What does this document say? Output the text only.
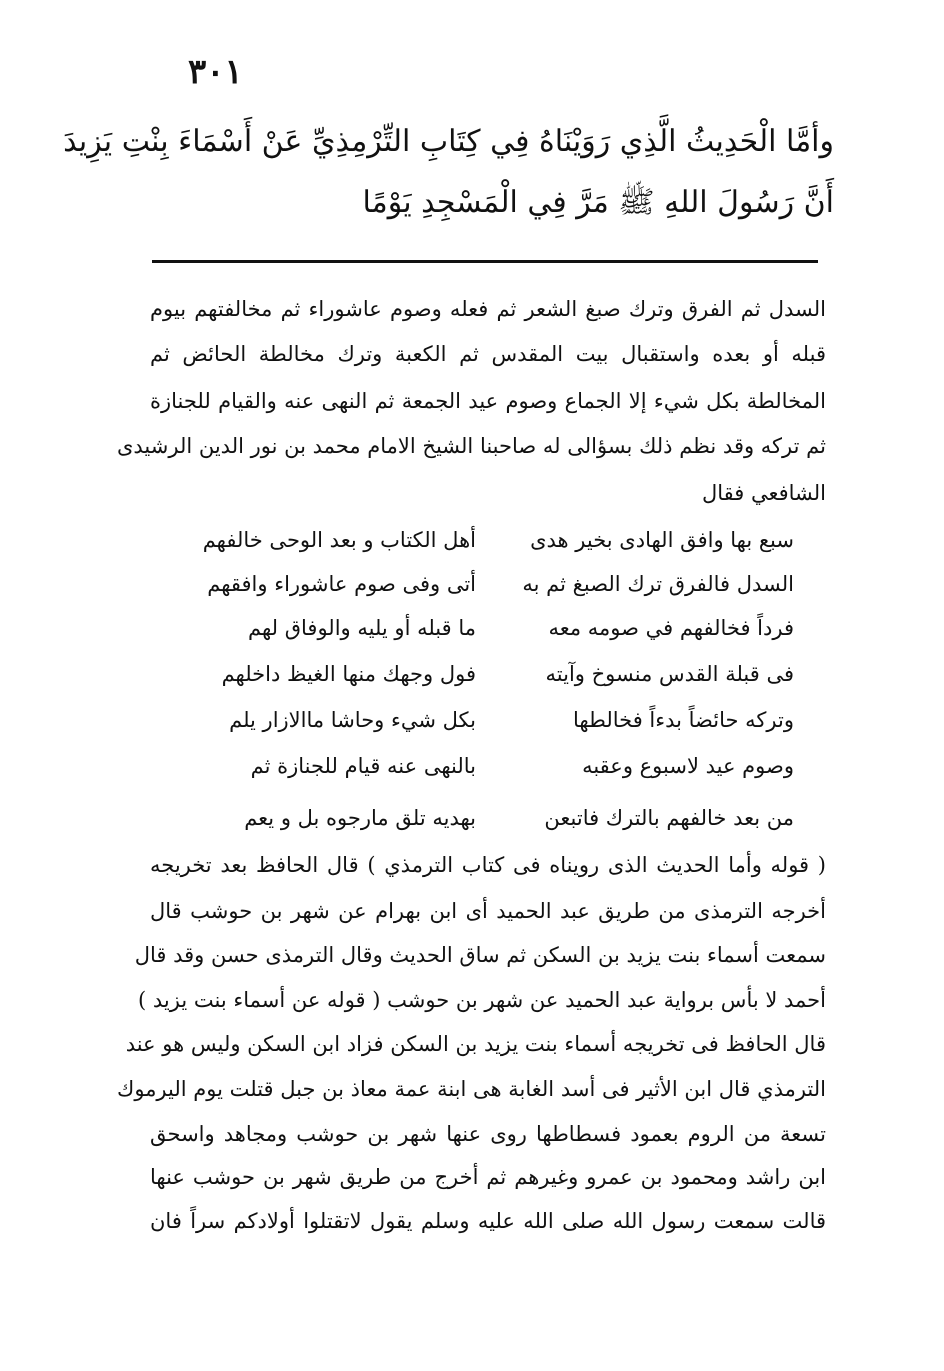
٣٠١
وأمَّا الْحَدِيثُ الَّذِي رَوَيْنَاهُ فِي كِتَابِ التِّرْمِذِيِّ عَنْ أَسْمَاءَ بِنْتِ يَزِيدَ
أَنَّ رَسُولَ اللهِ ﷺ مَرَّ فِي الْمَسْجِدِ يَوْمًا
السدل ثم الفرق وترك صبغ الشعر ثم فعله وصوم عاشوراء ثم مخالفتهم بيوم
قبله أو بعده واستقبال بيت المقدس ثم الكعبة وترك مخالطة الحائض ثم
المخالطة بكل شيء إلا الجماع وصوم عيد الجمعة ثم النهى عنه والقيام للجنازة
ثم تركه وقد نظم ذلك بسؤالى له صاحبنا الشيخ الامام محمد بن نور الدين الرشيدى
الشافعي فقال
سبع بها وافق الهادى بخير هدى
أهل الكتاب و بعد الوحى خالفهم
السدل فالفرق ترك الصبغ ثم به
أتى وفى صوم عاشوراء وافقهم
فرداً فخالفهم في صومه معه
ما قبله أو يليه والوفاق لهم
فى قبلة القدس منسوخ وآيته
فول وجهك منها الغيظ داخلهم
وتركه حائضاً بدءاً فخالطها
بكل شيء وحاشا ماالازار يلم
وصوم عيد لاسبوع وعقبه
بالنهى عنه قيام للجنازة ثم
من بعد خالفهم بالترك فاتبعن
بهديه تلق مارجوه بل و يعم
( قوله وأما الحديث الذى رويناه فى كتاب الترمذي ) قال الحافظ بعد تخريجه
أخرجه الترمذى من طريق عبد الحميد أى ابن بهرام عن شهر بن حوشب قال
سمعت أسماء بنت يزيد بن السكن ثم ساق الحديث وقال الترمذى حسن وقد قال
أحمد لا بأس برواية عبد الحميد عن شهر بن حوشب ( قوله عن أسماء بنت يزيد )
قال الحافظ فى تخريجه أسماء بنت يزيد بن السكن فزاد ابن السكن وليس هو عند
الترمذي قال ابن الأثير فى أسد الغابة هى ابنة عمة معاذ بن جبل قتلت يوم اليرموك
تسعة من الروم بعمود فسطاطها روى عنها شهر بن حوشب ومجاهد واسحق
ابن راشد ومحمود بن عمرو وغيرهم ثم أخرج من طريق شهر بن حوشب عنها
قالت سمعت رسول الله صلى الله عليه وسلم يقول لاتقتلوا أولادكم سراً فان
